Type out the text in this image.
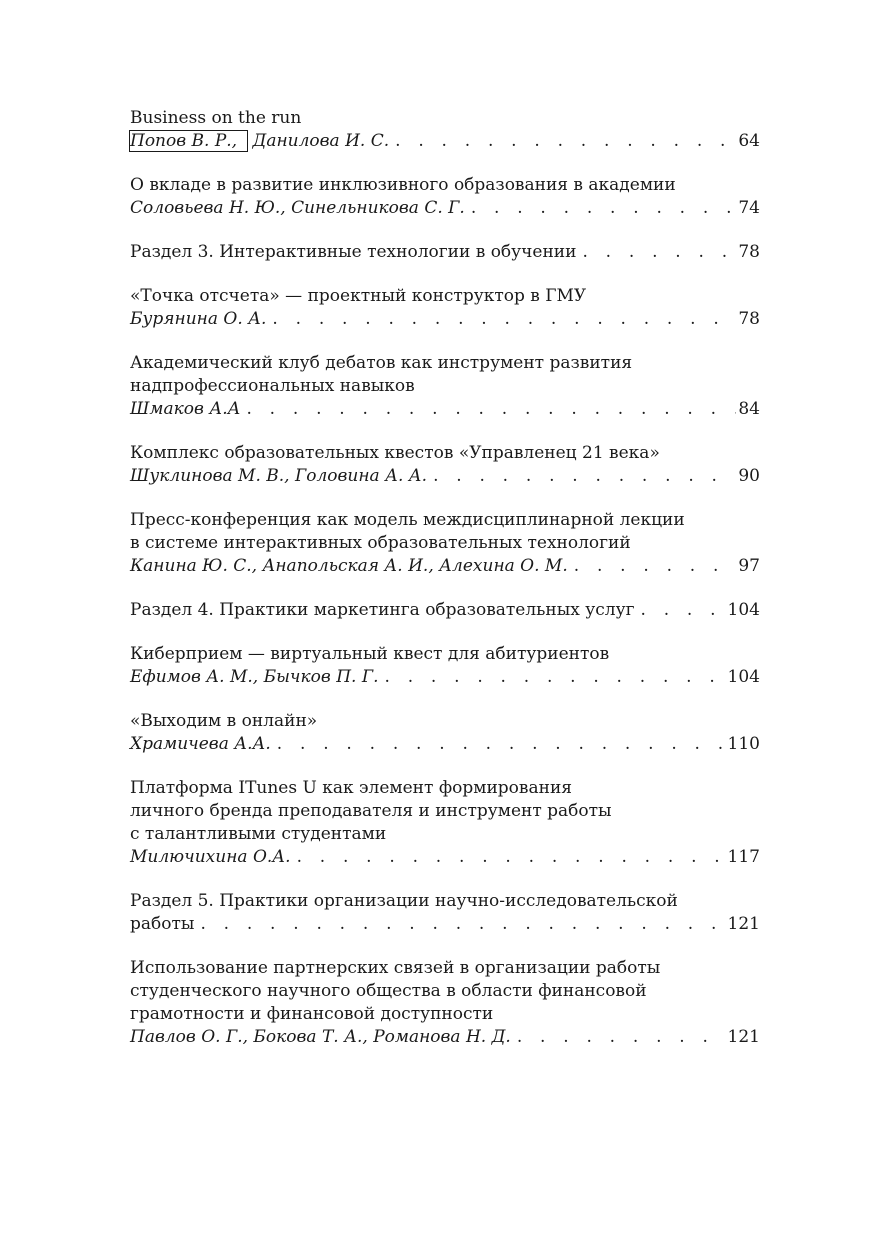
Business on the run
Попов В. Р., Данилова И. С. . . .	64
О вкладе в развитие инклюзивного образования в академии
Соловьева Н. Ю., Синельникова С. Г. . . .	74
Раздел 3. Интерактивные технологии в обучении . . .	78
«Точка отсчета» — проектный конструктор в ГМУ
Бурянина О. А. . . .	78
Академический клуб дебатов как инструмент развития
надпрофессиональных навыков
Шмаков А.А . . .	84
Комплекс образовательных квестов «Управленец 21 века»
Шуклинова М. В., Головина А. А. . . .	90
Пресс-конференция как модель междисциплинарной лекции
в системе интерактивных образовательных технологий
Канина Ю. С., Анапольская А. И., Алехина О. М. . . .	97
Раздел 4. Практики маркетинга образовательных услуг . . .	104
Киберприем — виртуальный квест для абитуриентов
Ефимов А. М., Бычков П. Г. . . .	104
«Выходим в онлайн»
Храмичева А.А. . . .	110
Платформа ITunes U как элемент формирования
личного бренда преподавателя и инструмент работы
с талантливыми студентами
Милючихина О.А. . . .	117
Раздел 5. Практики организации научно-исследовательской
работы . . .	121
Использование партнерских связей в организации работы
студенческого научного общества в области финансовой
грамотности и финансовой доступности
Павлов О. Г., Бокова Т. А., Романова Н. Д. . . .	121
